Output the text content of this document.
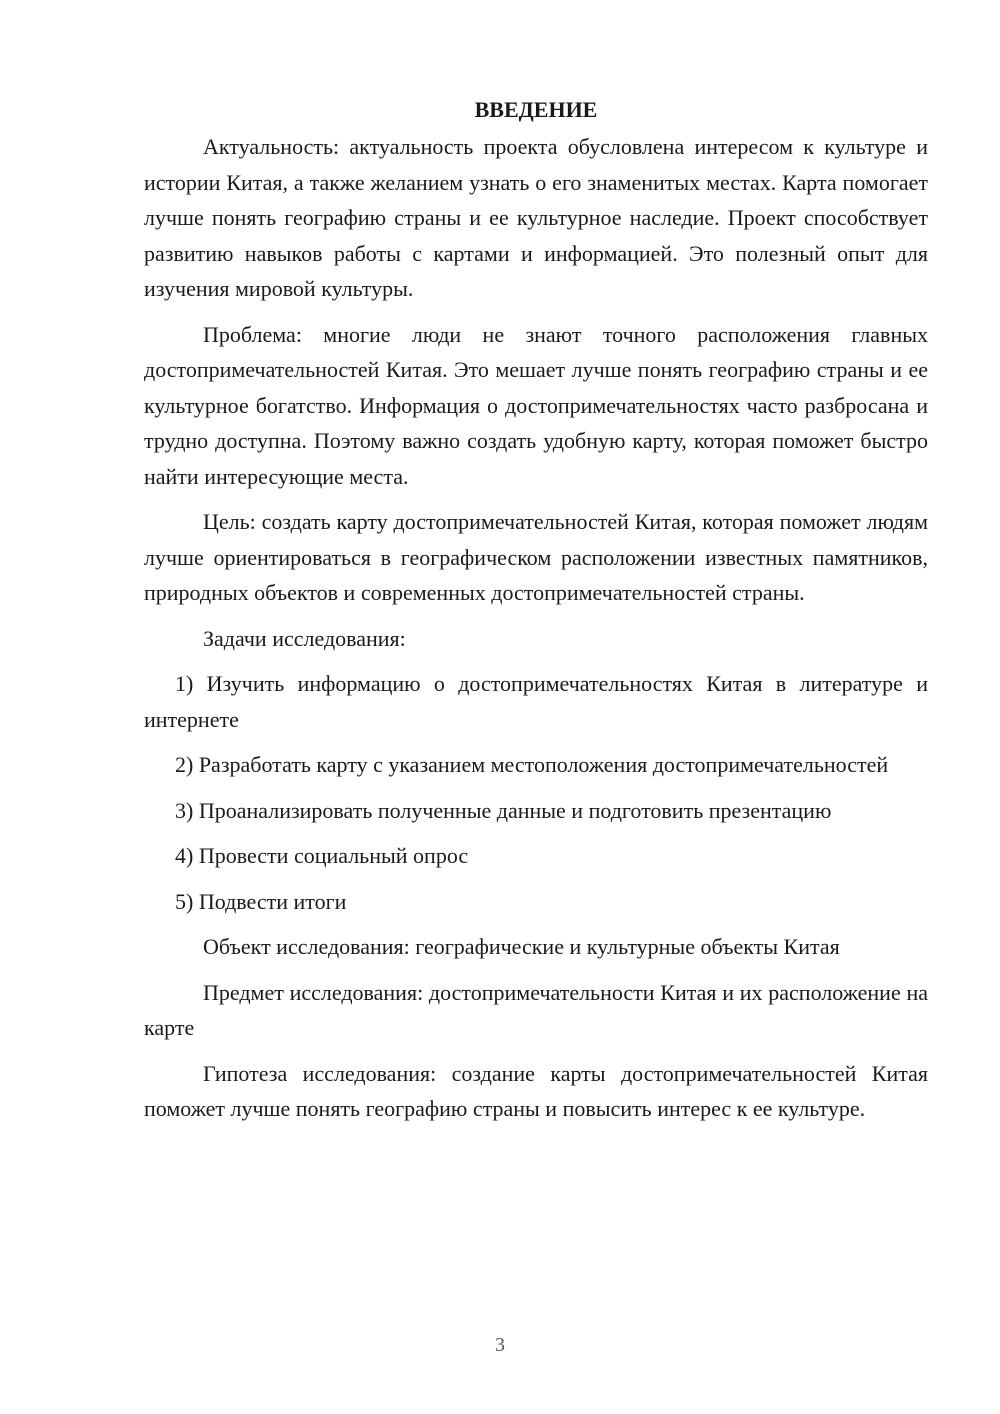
ВВЕДЕНИЕ

Актуальность: актуальность проекта обусловлена интересом к культуре и истории Китая, а также желанием узнать о его знаменитых местах. Карта помогает лучше понять географию страны и ее культурное наследие. Проект способствует развитию навыков работы с картами и информацией. Это полезный опыт для изучения мировой культуры.

Проблема: многие люди не знают точного расположения главных достопримечательностей Китая. Это мешает лучше понять географию страны и ее культурное богатство. Информация о достопримечательностях часто разбросана и трудно доступна. Поэтому важно создать удобную карту, которая поможет быстро найти интересующие места.

Цель: создать карту достопримечательностей Китая, которая поможет людям лучше ориентироваться в географическом расположении известных памятников, природных объектов и современных достопримечательностей страны.

Задачи исследования:

1) Изучить информацию о достопримечательностях Китая в литературе и интернете

2) Разработать карту с указанием местоположения достопримечательностей

3) Проанализировать полученные данные и подготовить презентацию

4) Провести социальный опрос

5) Подвести итоги

Объект исследования: географические и культурные объекты Китая

Предмет исследования: достопримечательности Китая и их расположение на карте

Гипотеза исследования: создание карты достопримечательностей Китая поможет лучше понять географию страны и повысить интерес к ее культуре.

3
